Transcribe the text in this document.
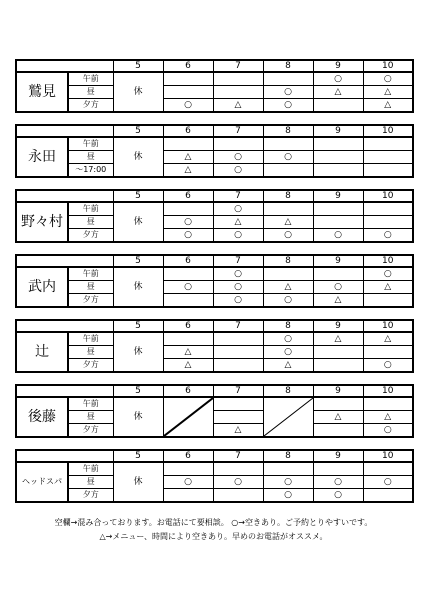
		5	6	7	8	9	10
鷲見	午前	休				○	○
	昼				○	△	△
	夕方		○	△	○		△
		5	6	7	8	9	10
永田	午前	休					
	昼		△	○	○		
	～17:00		△	○			
		5	6	7	8	9	10
野々村	午前	休		○			
	昼		○	△	△		
	夕方		○	○	○	○	○
		5	6	7	8	9	10
武内	午前	休		○			○
	昼		○	○	△	○	△
	夕方			○	○	△	
		5	6	7	8	9	10
辻	午前	休			○	△	△
	昼		△		○		
	夕方		△		△		○
		5	6	7	8	9	10
後藤	午前	休	

	昼					△	△
	夕方			△			○
		5	6	7	8	9	10
ヘッドスパ	午前	休					
	昼		○	○	○	○	○
	夕方				○	○	
空欄→混み合っております。お電話にて要相談。 ○→空きあり。ご予約とりやすいです。
△→メニュー、時間により空きあり。早めのお電話がオススメ。
